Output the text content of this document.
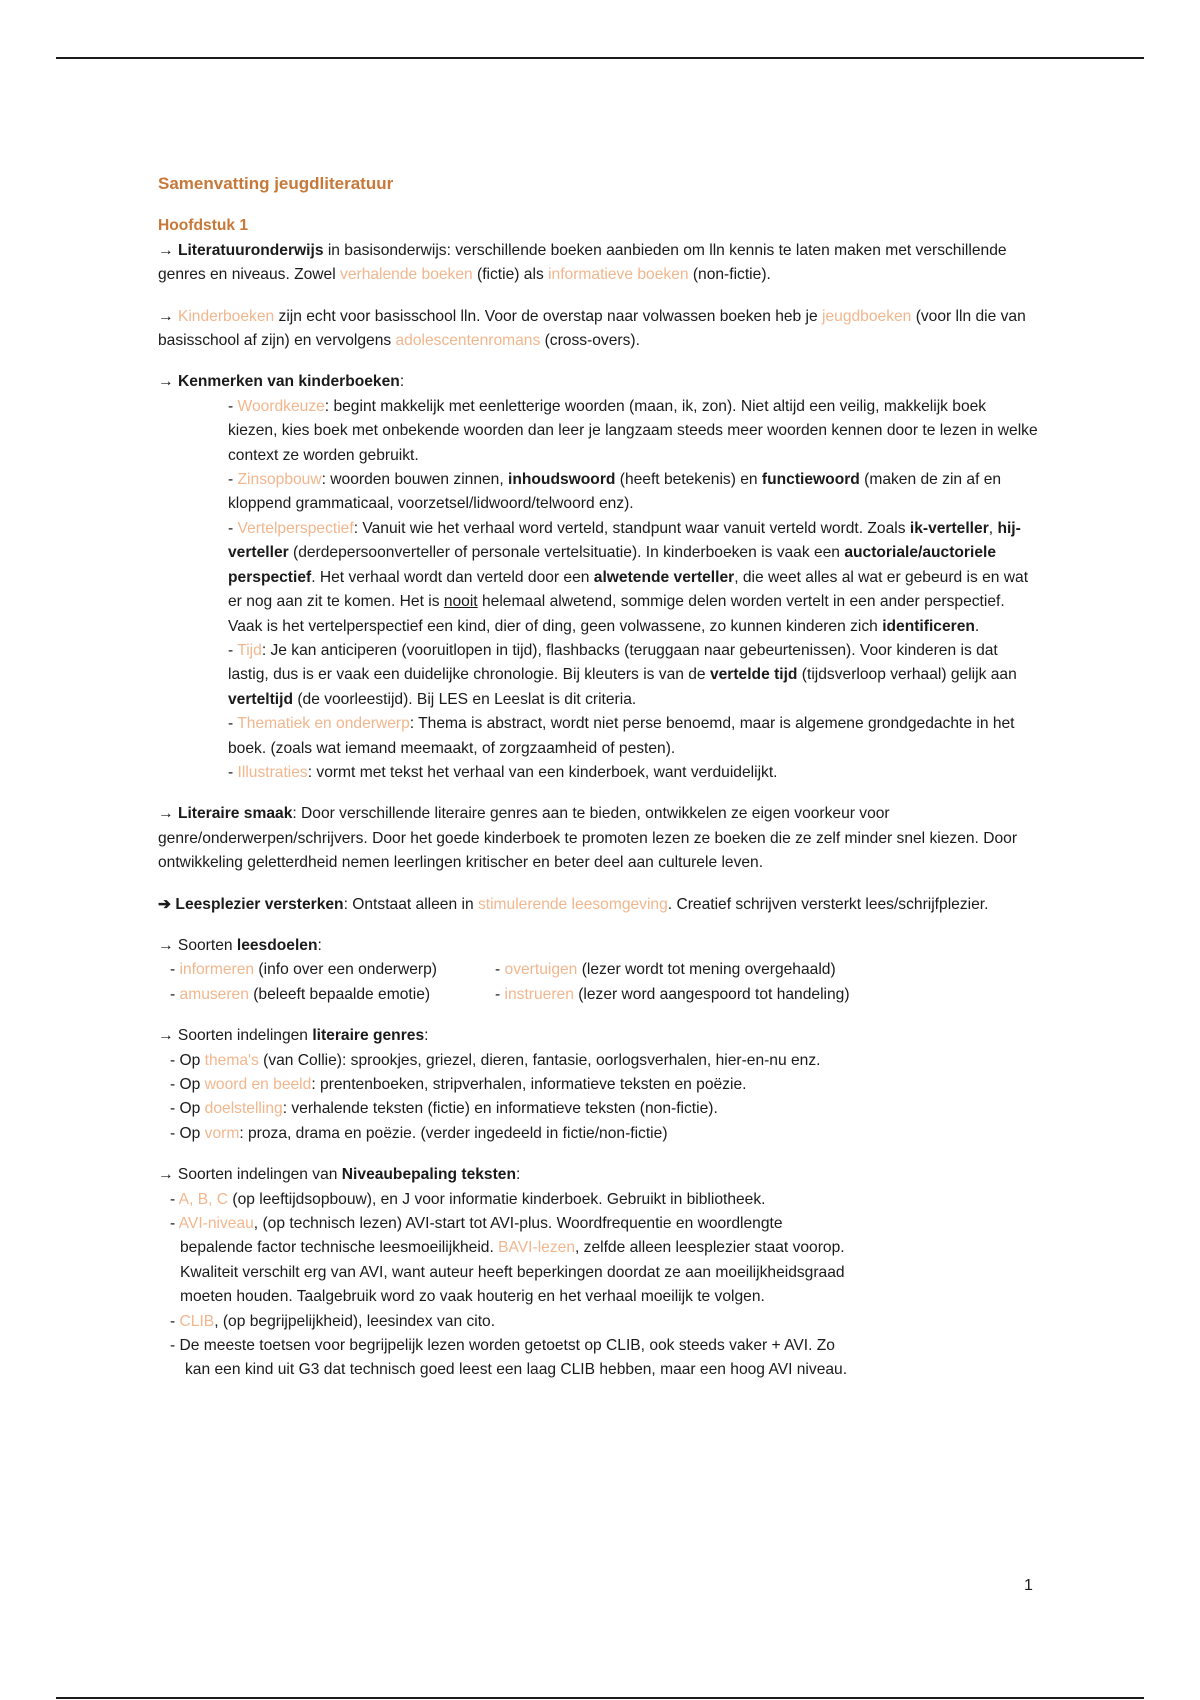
Samenvatting jeugdliteratuur

Hoofdstuk 1

→ Literatuuronderwijs in basisonderwijs: verschillende boeken aanbieden om lln kennis te laten maken met verschillende genres en niveaus. Zowel verhalende boeken (fictie) als informatieve boeken (non-fictie).

→ Kinderboeken zijn echt voor basisschool lln. Voor de overstap naar volwassen boeken heb je jeugdboeken (voor lln die van basisschool af zijn) en vervolgens adolescentenromans (cross-overs).

→ Kenmerken van kinderboeken:

- Woordkeuze: begint makkelijk met eenletterige woorden (maan, ik, zon). Niet altijd een veilig, makkelijk boek kiezen, kies boek met onbekende woorden dan leer je langzaam steeds meer woorden kennen door te lezen in welke context ze worden gebruikt.
- Zinsopbouw: woorden bouwen zinnen, inhoudswoord (heeft betekenis) en functiewoord (maken de zin af en kloppend grammaticaal, voorzetsel/lidwoord/telwoord enz).
- Vertelperspectief: Vanuit wie het verhaal word verteld, standpunt waar vanuit verteld wordt. Zoals ik-verteller, hij-verteller (derdepersoonverteller of personale vertelsituatie). In kinderboeken is vaak een auctoriale/auctoriele perspectief. Het verhaal wordt dan verteld door een alwetende verteller, die weet alles al wat er gebeurd is en wat er nog aan zit te komen. Het is nooit helemaal alwetend, sommige delen worden vertelt in een ander perspectief. Vaak is het vertelperspectief een kind, dier of ding, geen volwassene, zo kunnen kinderen zich identificeren.
- Tijd: Je kan anticiperen (vooruitlopen in tijd), flashbacks (teruggaan naar gebeurtenissen). Voor kinderen is dat lastig, dus is er vaak een duidelijke chronologie. Bij kleuters is van de vertelde tijd (tijdsverloop verhaal) gelijk aan verteltijd (de voorleestijd). Bij LES en Leeslat is dit criteria.
- Thematiek en onderwerp: Thema is abstract, wordt niet perse benoemd, maar is algemene grondgedachte in het boek. (zoals wat iemand meemaakt, of zorgzaamheid of pesten).
- Illustraties: vormt met tekst het verhaal van een kinderboek, want verduidelijkt.

→ Literaire smaak: Door verschillende literaire genres aan te bieden, ontwikkelen ze eigen voorkeur voor genre/onderwerpen/schrijvers. Door het goede kinderboek te promoten lezen ze boeken die ze zelf minder snel kiezen. Door ontwikkeling geletterdheid nemen leerlingen kritischer en beter deel aan culturele leven.

➔ Leesplezier versterken: Ontstaat alleen in stimulerende leesomgeving. Creatief schrijven versterkt lees/schrijfplezier.

→ Soorten leesdoelen:
- informeren (info over een onderwerp)	- overtuigen (lezer wordt tot mening overgehaald)
- amuseren (beleeft bepaalde emotie)	- instrueren (lezer word aangespoord tot handeling)
→ Soorten indelingen literaire genres:
- Op thema's (van Collie): sprookjes, griezel, dieren, fantasie, oorlogsverhalen, hier-en-nu enz.
- Op woord en beeld: prentenboeken, stripverhalen, informatieve teksten en poëzie.
- Op doelstelling: verhalende teksten (fictie) en informatieve teksten (non-fictie).
- Op vorm: proza, drama en poëzie. (verder ingedeeld in fictie/non-fictie)
→ Soorten indelingen van Niveaubepaling teksten:
- A, B, C (op leeftijdsopbouw), en J voor informatie kinderboek. Gebruikt in bibliotheek.
- AVI-niveau, (op technisch lezen) AVI-start tot AVI-plus. Woordfrequentie en woordlengte
bepalende factor technische leesmoeilijkheid. BAVI-lezen, zelfde alleen leesplezier staat voorop.
Kwaliteit verschilt erg van AVI, want auteur heeft beperkingen doordat ze aan moeilijkheidsgraad
moeten houden. Taalgebruik word zo vaak houterig en het verhaal moeilijk te volgen.
- CLIB, (op begrijpelijkheid), leesindex van cito.
- De meeste toetsen voor begrijpelijk lezen worden getoetst op CLIB, ook steeds vaker + AVI. Zo
kan een kind uit G3 dat technisch goed leest een laag CLIB hebben, maar een hoog AVI niveau.
1
